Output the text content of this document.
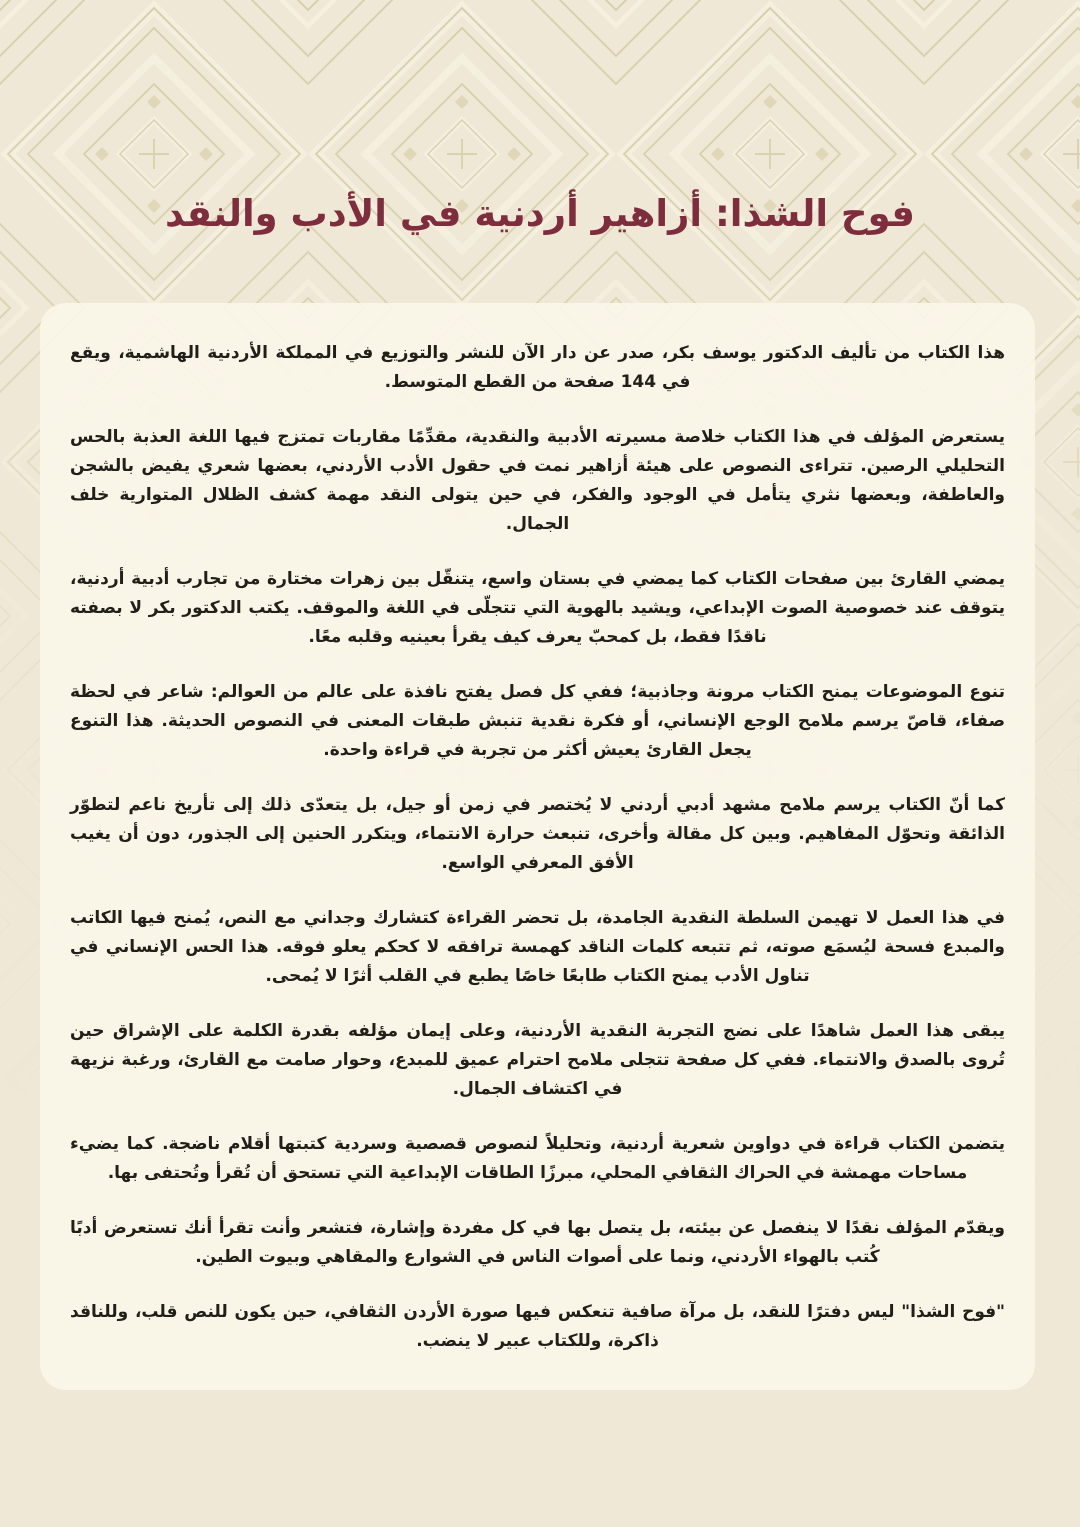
فوح الشذا: أزاهير أردنية في الأدب والنقد

هذا الكتاب من تأليف الدكتور يوسف بكر، صدر عن دار الآن للنشر والتوزيع في المملكة الأردنية الهاشمية، ويقع في 144 صفحة من القطع المتوسط.

يستعرض المؤلف في هذا الكتاب خلاصة مسيرته الأدبية والنقدية، مقدِّمًا مقاربات تمتزج فيها اللغة العذبة بالحس التحليلي الرصين. تتراءى النصوص على هيئة أزاهير نمت في حقول الأدب الأردني، بعضها شعري يفيض بالشجن والعاطفة، وبعضها نثري يتأمل في الوجود والفكر، في حين يتولى النقد مهمة كشف الظلال المتوارية خلف الجمال.

يمضي القارئ بين صفحات الكتاب كما يمضي في بستان واسع، يتنقّل بين زهرات مختارة من تجارب أدبية أردنية، يتوقف عند خصوصية الصوت الإبداعي، ويشيد بالهوية التي تتجلّى في اللغة والموقف. يكتب الدكتور بكر لا بصفته ناقدًا فقط، بل كمحبّ يعرف كيف يقرأ بعينيه وقلبه معًا.

تنوع الموضوعات يمنح الكتاب مرونة وجاذبية؛ ففي كل فصل يفتح نافذة على عالم من العوالم: شاعر في لحظة صفاء، قاصّ يرسم ملامح الوجع الإنساني، أو فكرة نقدية تنبش طبقات المعنى في النصوص الحديثة. هذا التنوع يجعل القارئ يعيش أكثر من تجربة في قراءة واحدة.

كما أنّ الكتاب يرسم ملامح مشهد أدبي أردني لا يُختصر في زمن أو جيل، بل يتعدّى ذلك إلى تأريخ ناعم لتطوّر الذائقة وتحوّل المفاهيم. وبين كل مقالة وأخرى، تنبعث حرارة الانتماء، ويتكرر الحنين إلى الجذور، دون أن يغيب الأفق المعرفي الواسع.

في هذا العمل لا تهيمن السلطة النقدية الجامدة، بل تحضر القراءة كتشارك وجداني مع النص، يُمنح فيها الكاتب والمبدع فسحة ليُسمَع صوته، ثم تتبعه كلمات الناقد كهمسة ترافقه لا كحكم يعلو فوقه. هذا الحس الإنساني في تناول الأدب يمنح الكتاب طابعًا خاصًا يطبع في القلب أثرًا لا يُمحى.

يبقى هذا العمل شاهدًا على نضج التجربة النقدية الأردنية، وعلى إيمان مؤلفه بقدرة الكلمة على الإشراق حين تُروى بالصدق والانتماء. ففي كل صفحة تتجلى ملامح احترام عميق للمبدع، وحوار صامت مع القارئ، ورغبة نزيهة في اكتشاف الجمال.

يتضمن الكتاب قراءة في دواوين شعرية أردنية، وتحليلاً لنصوص قصصية وسردية كتبتها أقلام ناضجة. كما يضيء مساحات مهمشة في الحراك الثقافي المحلي، مبرزًا الطاقات الإبداعية التي تستحق أن تُقرأ وتُحتفى بها.

ويقدّم المؤلف نقدًا لا ينفصل عن بيئته، بل يتصل بها في كل مفردة وإشارة، فتشعر وأنت تقرأ أنك تستعرض أدبًا كُتب بالهواء الأردني، ونما على أصوات الناس في الشوارع والمقاهي وبيوت الطين.

"فوح الشذا" ليس دفترًا للنقد، بل مرآة صافية تنعكس فيها صورة الأردن الثقافي، حين يكون للنص قلب، وللناقد ذاكرة، وللكتاب عبير لا ينضب.
